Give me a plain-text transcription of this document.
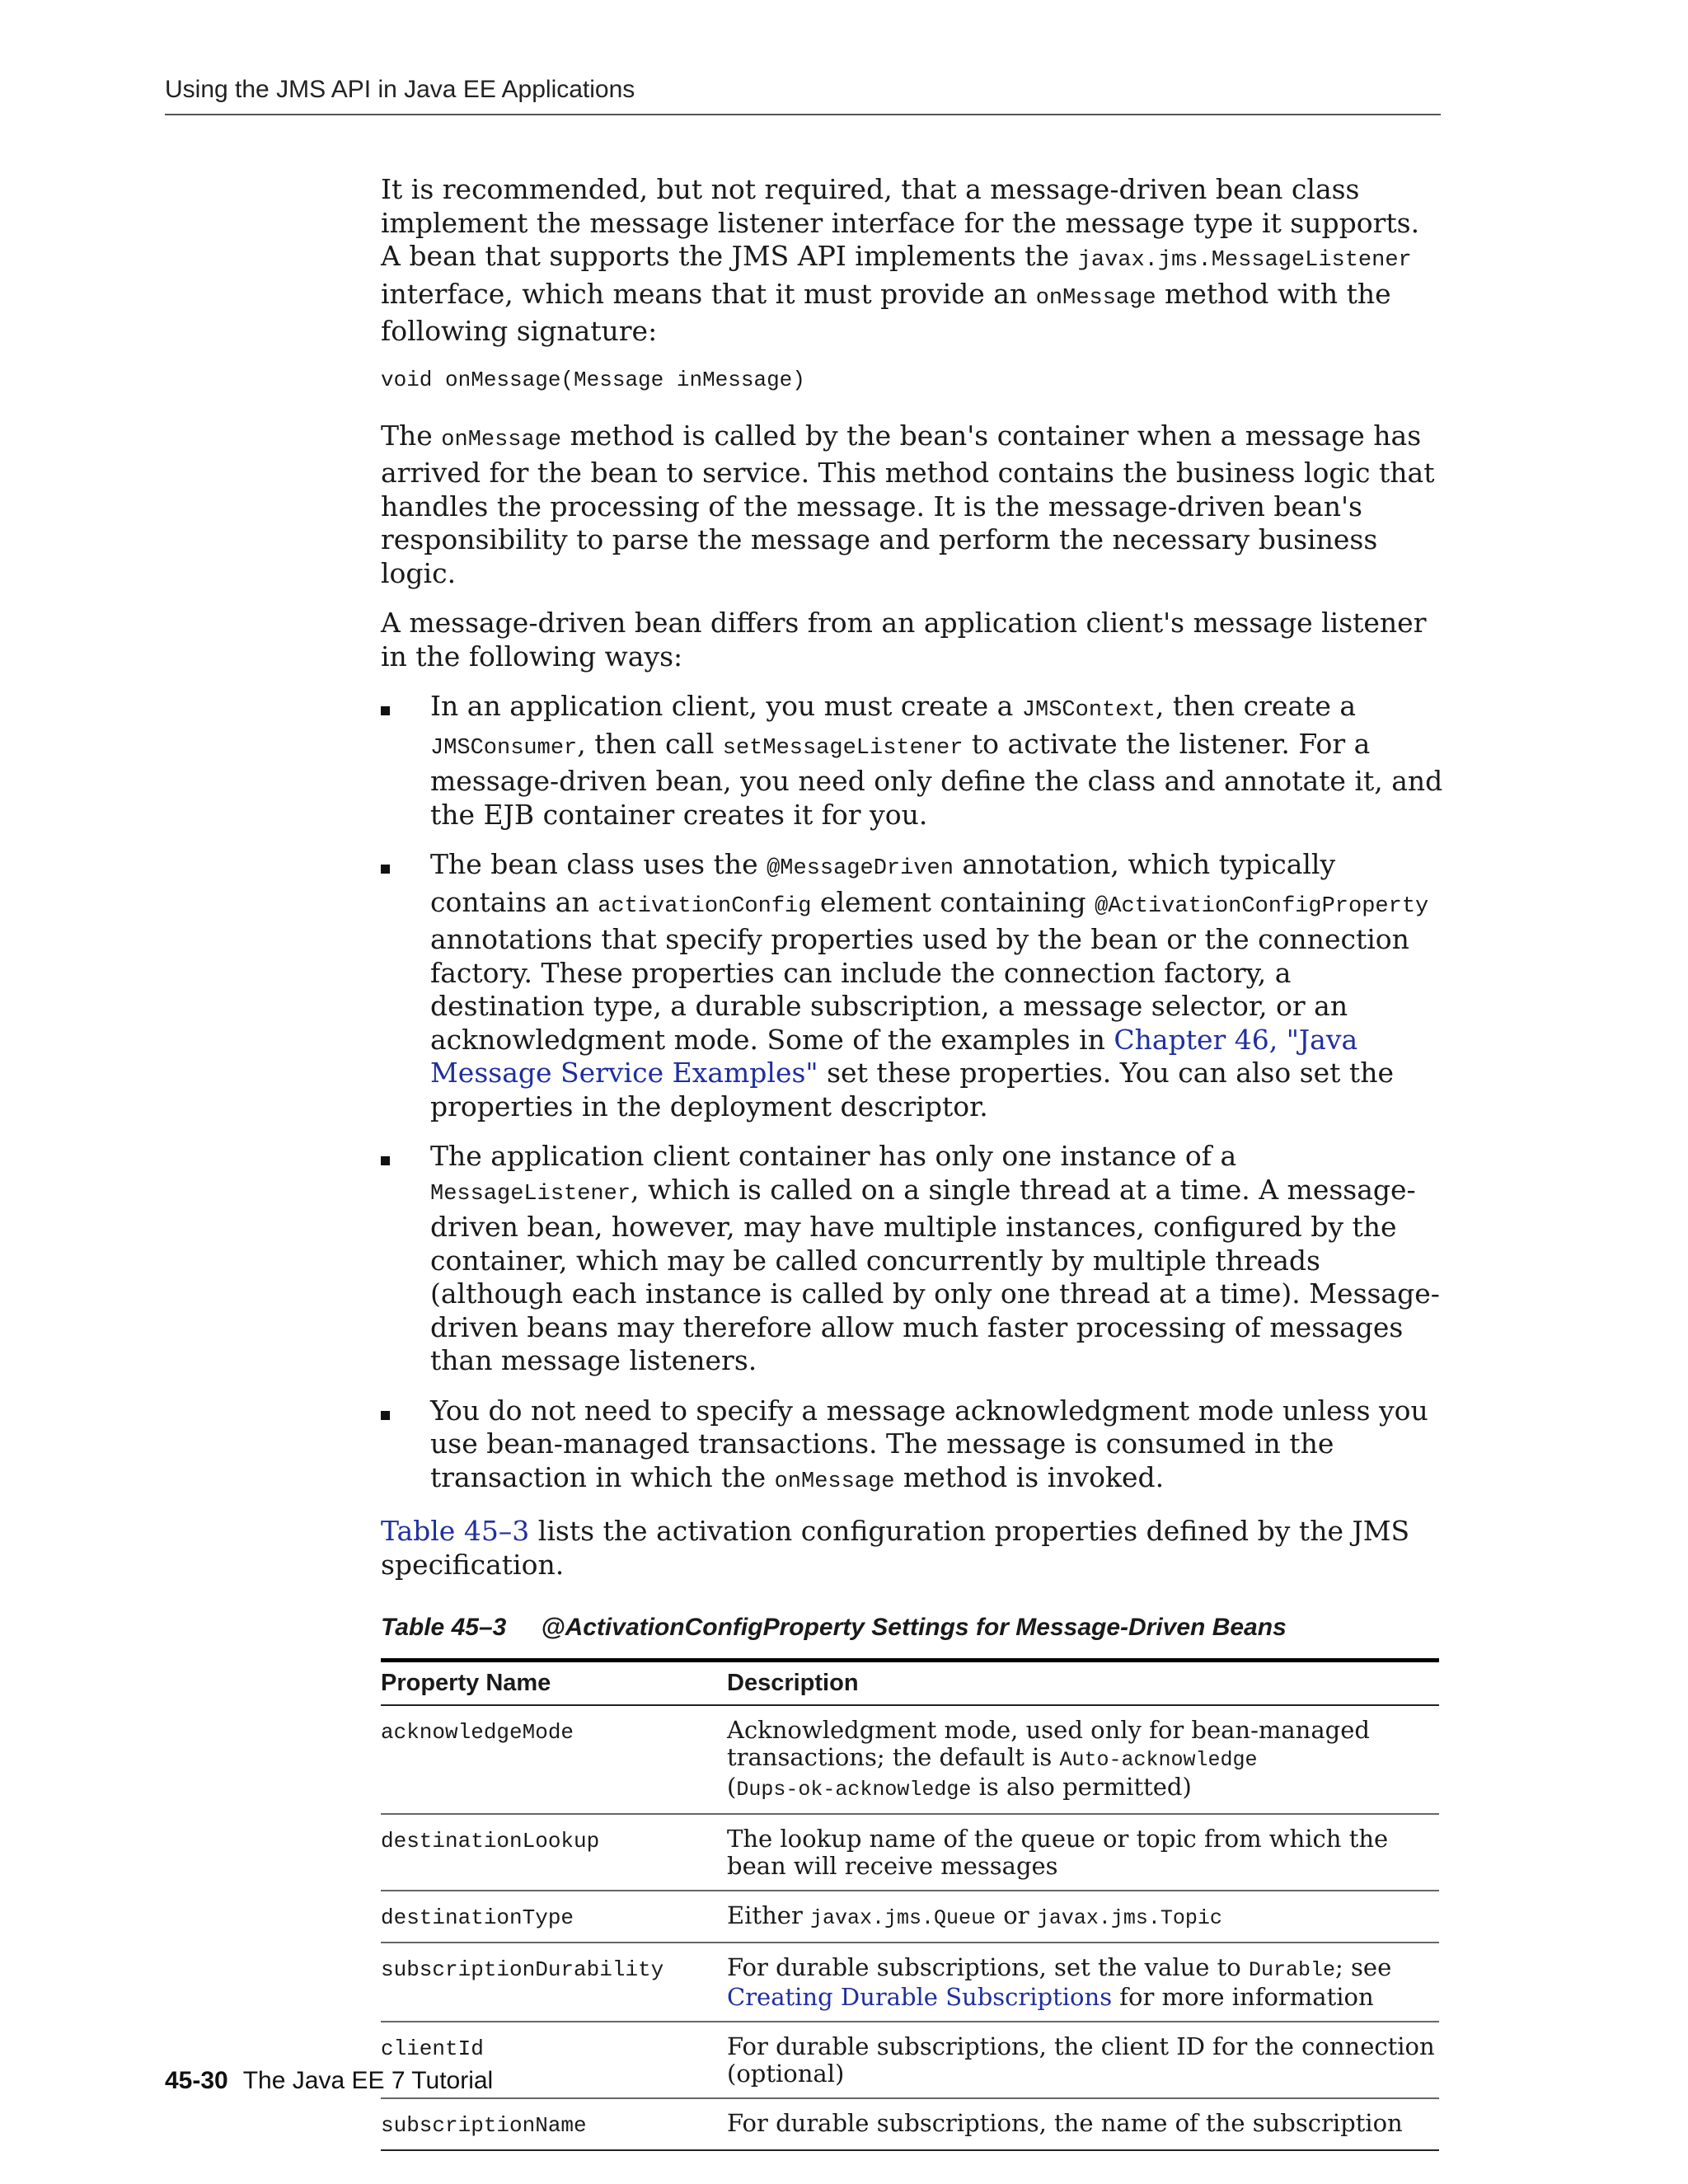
Using the JMS API in Java EE Applications

It is recommended, but not required, that a message-driven bean class implement the message listener interface for the message type it supports. A bean that supports the JMS API implements the javax.jms.MessageListener interface, which means that it must provide an onMessage method with the following signature:

void onMessage(Message inMessage)

The onMessage method is called by the bean's container when a message has arrived for the bean to service. This method contains the business logic that handles the processing of the message. It is the message-driven bean's responsibility to parse the message and perform the necessary business logic.

A message-driven bean differs from an application client's message listener in the following ways:

In an application client, you must create a JMSContext, then create a JMSConsumer, then call setMessageListener to activate the listener. For a message-driven bean, you need only define the class and annotate it, and the EJB container creates it for you.
The bean class uses the @MessageDriven annotation, which typically contains an activationConfig element containing @ActivationConfigProperty annotations that specify properties used by the bean or the connection factory. These properties can include the connection factory, a destination type, a durable subscription, a message selector, or an acknowledgment mode. Some of the examples in Chapter 46, "Java Message Service Examples" set these properties. You can also set the properties in the deployment descriptor.
The application client container has only one instance of a MessageListener, which is called on a single thread at a time. A message-driven bean, however, may have multiple instances, configured by the container, which may be called concurrently by multiple threads (although each instance is called by only one thread at a time). Message-driven beans may therefore allow much faster processing of messages than message listeners.
You do not need to specify a message acknowledgment mode unless you use bean-managed transactions. The message is consumed in the transaction in which the onMessage method is invoked.

Table 45–3 lists the activation configuration properties defined by the JMS specification.

Table 45–3 @ActivationConfigProperty Settings for Message-Driven Beans
Property Name	Description
acknowledgeMode	Acknowledgment mode, used only for bean-managed transactions; the default is Auto-acknowledge
(Dups-ok-acknowledge is also permitted)
destinationLookup	The lookup name of the queue or topic from which the bean will receive messages
destinationType	Either javax.jms.Queue or javax.jms.Topic
subscriptionDurability	For durable subscriptions, set the value to Durable; see
Creating Durable Subscriptions for more information
clientId	For durable subscriptions, the client ID for the connection (optional)
subscriptionName	For durable subscriptions, the name of the subscription
45-30 The Java EE 7 Tutorial
